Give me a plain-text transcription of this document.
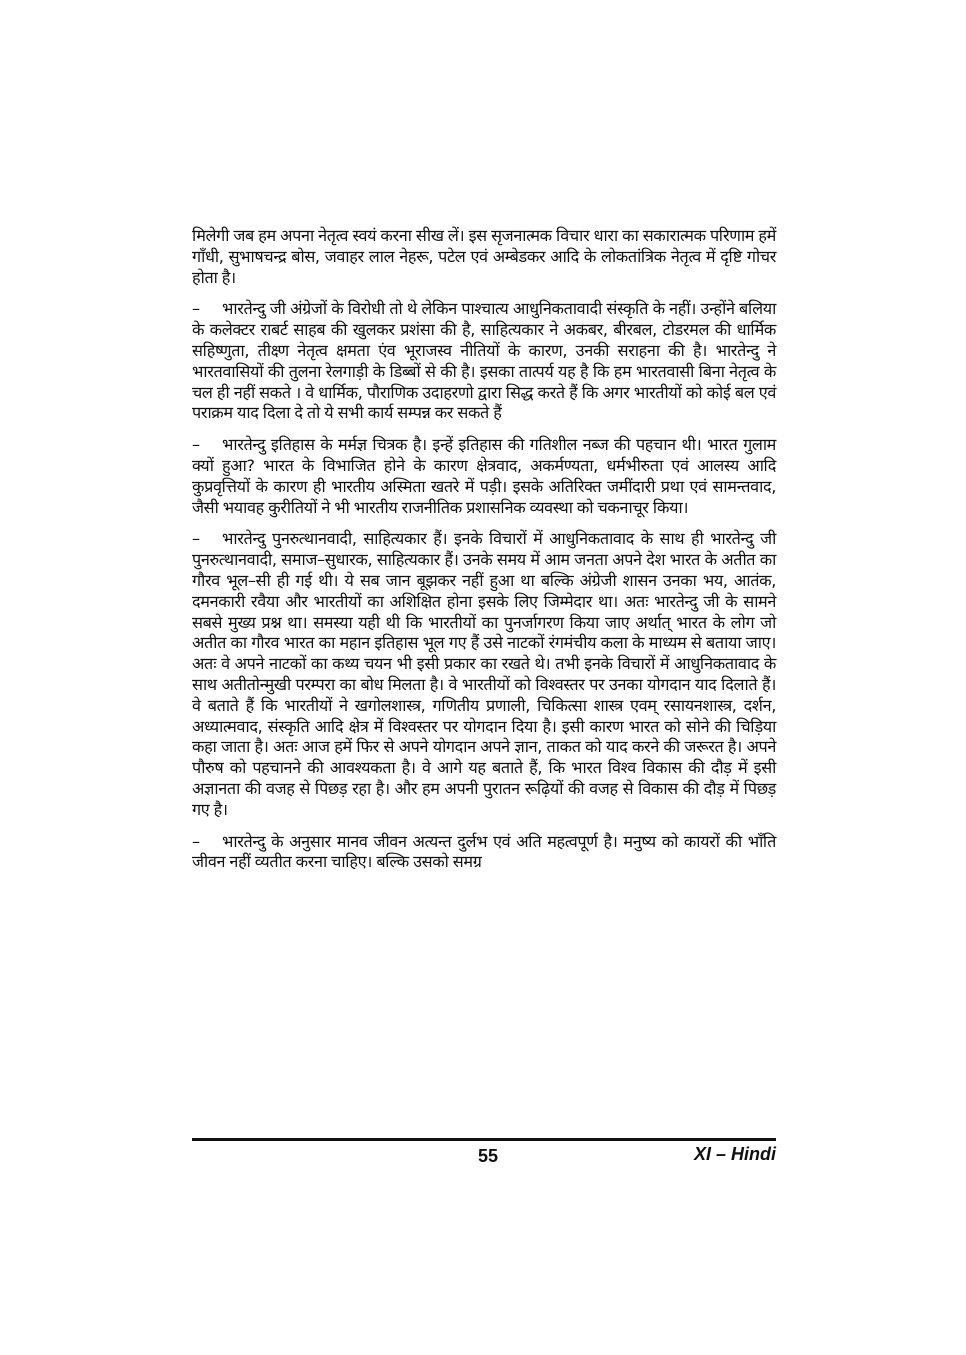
मिलेगी जब हम अपना नेतृत्व स्वयं करना सीख लें। इस सृजनात्मक विचार धारा का सकारात्मक परिणाम हमें गाँधी, सुभाषचन्द्र बोस, जवाहर लाल नेहरू, पटेल एवं अम्बेडकर आदि के लोकतांत्रिक नेतृत्व में दृष्टि गोचर होता है।

– भारतेन्दु जी अंग्रेजों के विरोधी तो थे लेकिन पाश्चात्य आधुनिकतावादी संस्कृति के नहीं। उन्होंने बलिया के कलेक्टर राबर्ट साहब की खुलकर प्रशंसा की है, साहित्यकार ने अकबर, बीरबल, टोडरमल की धार्मिक सहिष्णुता, तीक्ष्ण नेतृत्व क्षमता एंव भूराजस्व नीतियों के कारण, उनकी सराहना की है। भारतेन्दु ने भारतवासियों की तुलना रेलगाड़ी के डिब्बों से की है। इसका तात्पर्य यह है कि हम भारतवासी बिना नेतृत्व के चल ही नहीं सकते । वे धार्मिक, पौराणिक उदाहरणो द्वारा सिद्ध करते हैं कि अगर भारतीयों को कोई बल एवं पराक्रम याद दिला दे तो ये सभी कार्य सम्पन्न कर सकते हैं

– भारतेन्दु इतिहास के मर्मज्ञ चित्रक है। इन्हें इतिहास की गतिशील नब्ज की पहचान थी। भारत गुलाम क्यों हुआ? भारत के विभाजित होने के कारण क्षेत्रवाद, अकर्मण्यता, धर्मभीरुता एवं आलस्य आदि कुप्रवृत्तियों के कारण ही भारतीय अस्मिता खतरे में पड़ी। इसके अतिरिक्त जमींदारी प्रथा एवं सामन्तवाद, जैसी भयावह कुरीतियों ने भी भारतीय राजनीतिक प्रशासनिक व्यवस्था को चकनाचूर किया।

– भारतेन्दु पुनरुत्थानवादी, साहित्यकार हैं। इनके विचारों में आधुनिकतावाद के साथ ही भारतेन्दु जी पुनरुत्थानवादी, समाज–सुधारक, साहित्यकार हैं। उनके समय में आम जनता अपने देश भारत के अतीत का गौरव भूल–सी ही गई थी। ये सब जान बूझकर नहीं हुआ था बल्कि अंग्रेजी शासन उनका भय, आतंक, दमनकारी रवैया और भारतीयों का अशिक्षित होना इसके लिए जिम्मेदार था। अतः भारतेन्दु जी के सामने सबसे मुख्य प्रश्न था। समस्या यही थी कि भारतीयों का पुनर्जागरण किया जाए अर्थात् भारत के लोग जो अतीत का गौरव भारत का महान इतिहास भूल गए हैं उसे नाटकों रंगमंचीय कला के माध्यम से बताया जाए। अतः वे अपने नाटकों का कथ्य चयन भी इसी प्रकार का रखते थे। तभी इनके विचारों में आधुनिकतावाद के साथ अतीतोन्मुखी परम्परा का बोध मिलता है। वे भारतीयों को विश्वस्तर पर उनका योगदान याद दिलाते हैं। वे बताते हैं कि भारतीयों ने खगोलशास्त्र, गणितीय प्रणाली, चिकित्सा शास्त्र एवम् रसायनशास्त्र, दर्शन, अध्यात्मवाद, संस्कृति आदि क्षेत्र में विश्वस्तर पर योगदान दिया है। इसी कारण भारत को सोने की चिड़िया कहा जाता है। अतः आज हमें फिर से अपने योगदान अपने ज्ञान, ताकत को याद करने की जरूरत है। अपने पौरुष को पहचानने की आवश्यकता है। वे आगे यह बताते हैं, कि भारत विश्व विकास की दौड़ में इसी अज्ञानता की वजह से पिछड़ रहा है। और हम अपनी पुरातन रूढ़ियों की वजह से विकास की दौड़ में पिछड़ गए है।

– भारतेन्दु के अनुसार मानव जीवन अत्यन्त दुर्लभ एवं अति महत्वपूर्ण है। मनुष्य को कायरों की भाँति जीवन नहीं व्यतीत करना चाहिए। बल्कि उसको समग्र

55	XI – Hindi
